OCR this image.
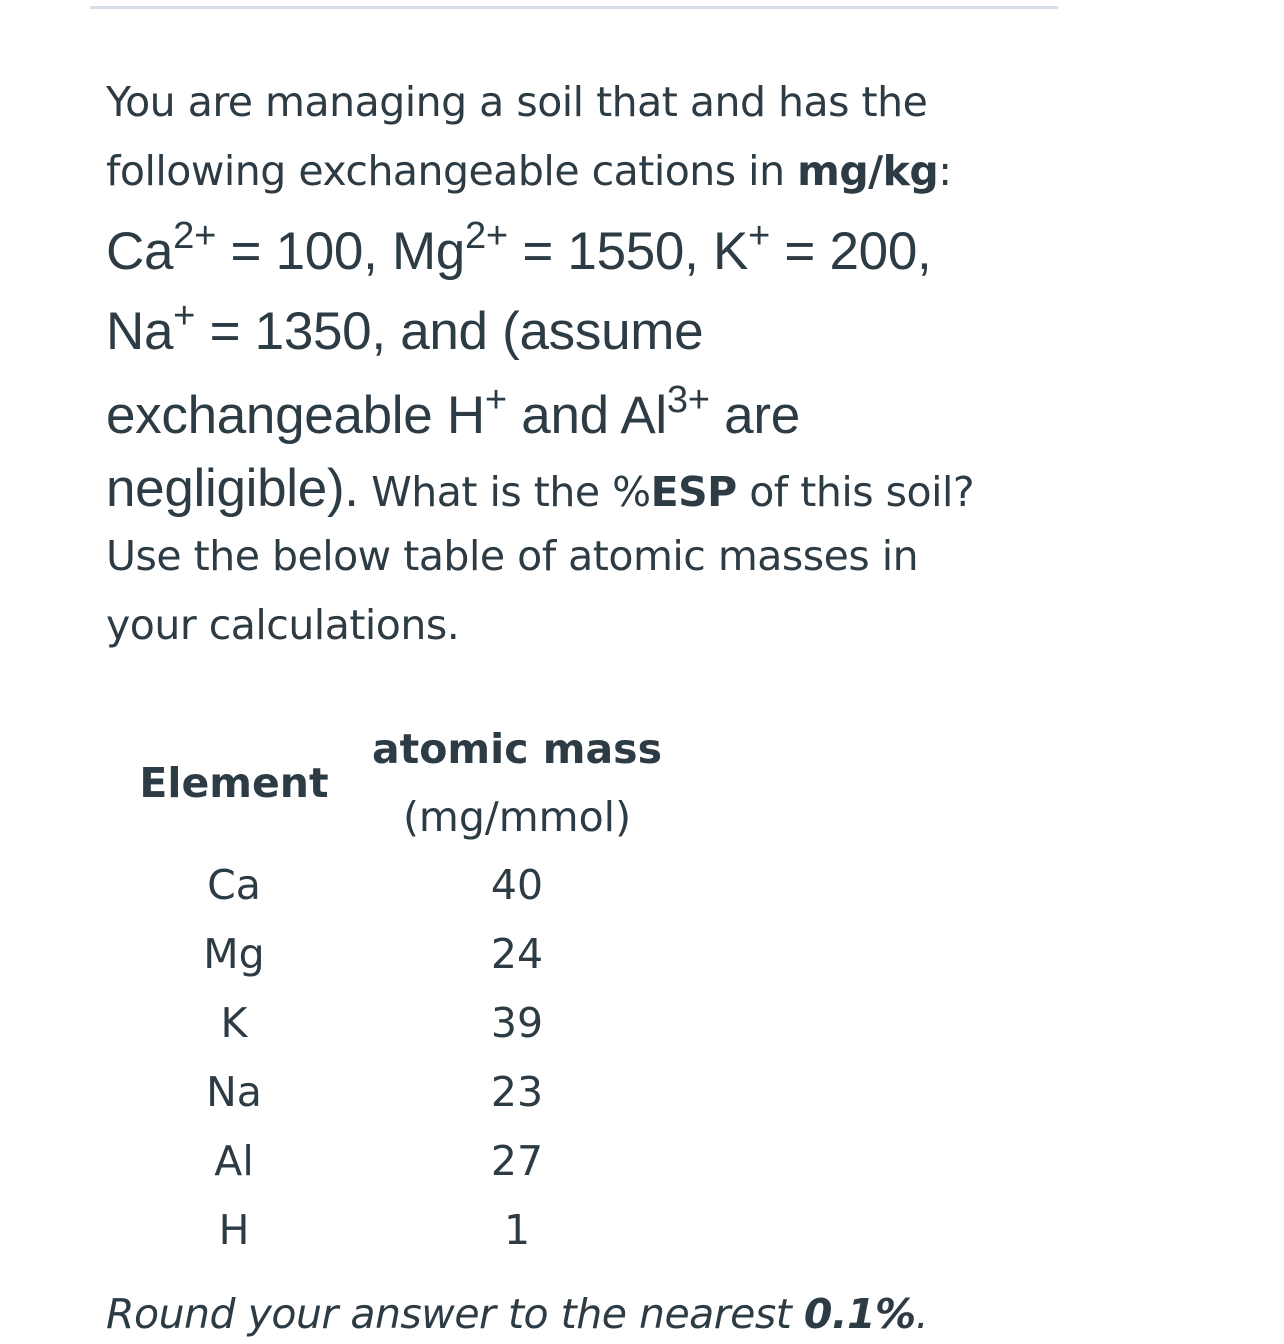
You are managing a soil that and has the
following exchangeable cations in mg/kg:
$Ca^{2+} = 100$, $Mg^{2+} = 1550$, K+ = 200,
Na+ = 1350, and (assume
exchangeable H+ and $Al^{3+}$ are
negligible). What is the %ESP of this soil?
Use the below table of atomic masses in
your calculations.
Element	atomic mass
(mg/mmol)
Ca	40
Mg	24
K	39
Na	23
Al	27
H	1
Round your answer to the nearest 0.1%.
